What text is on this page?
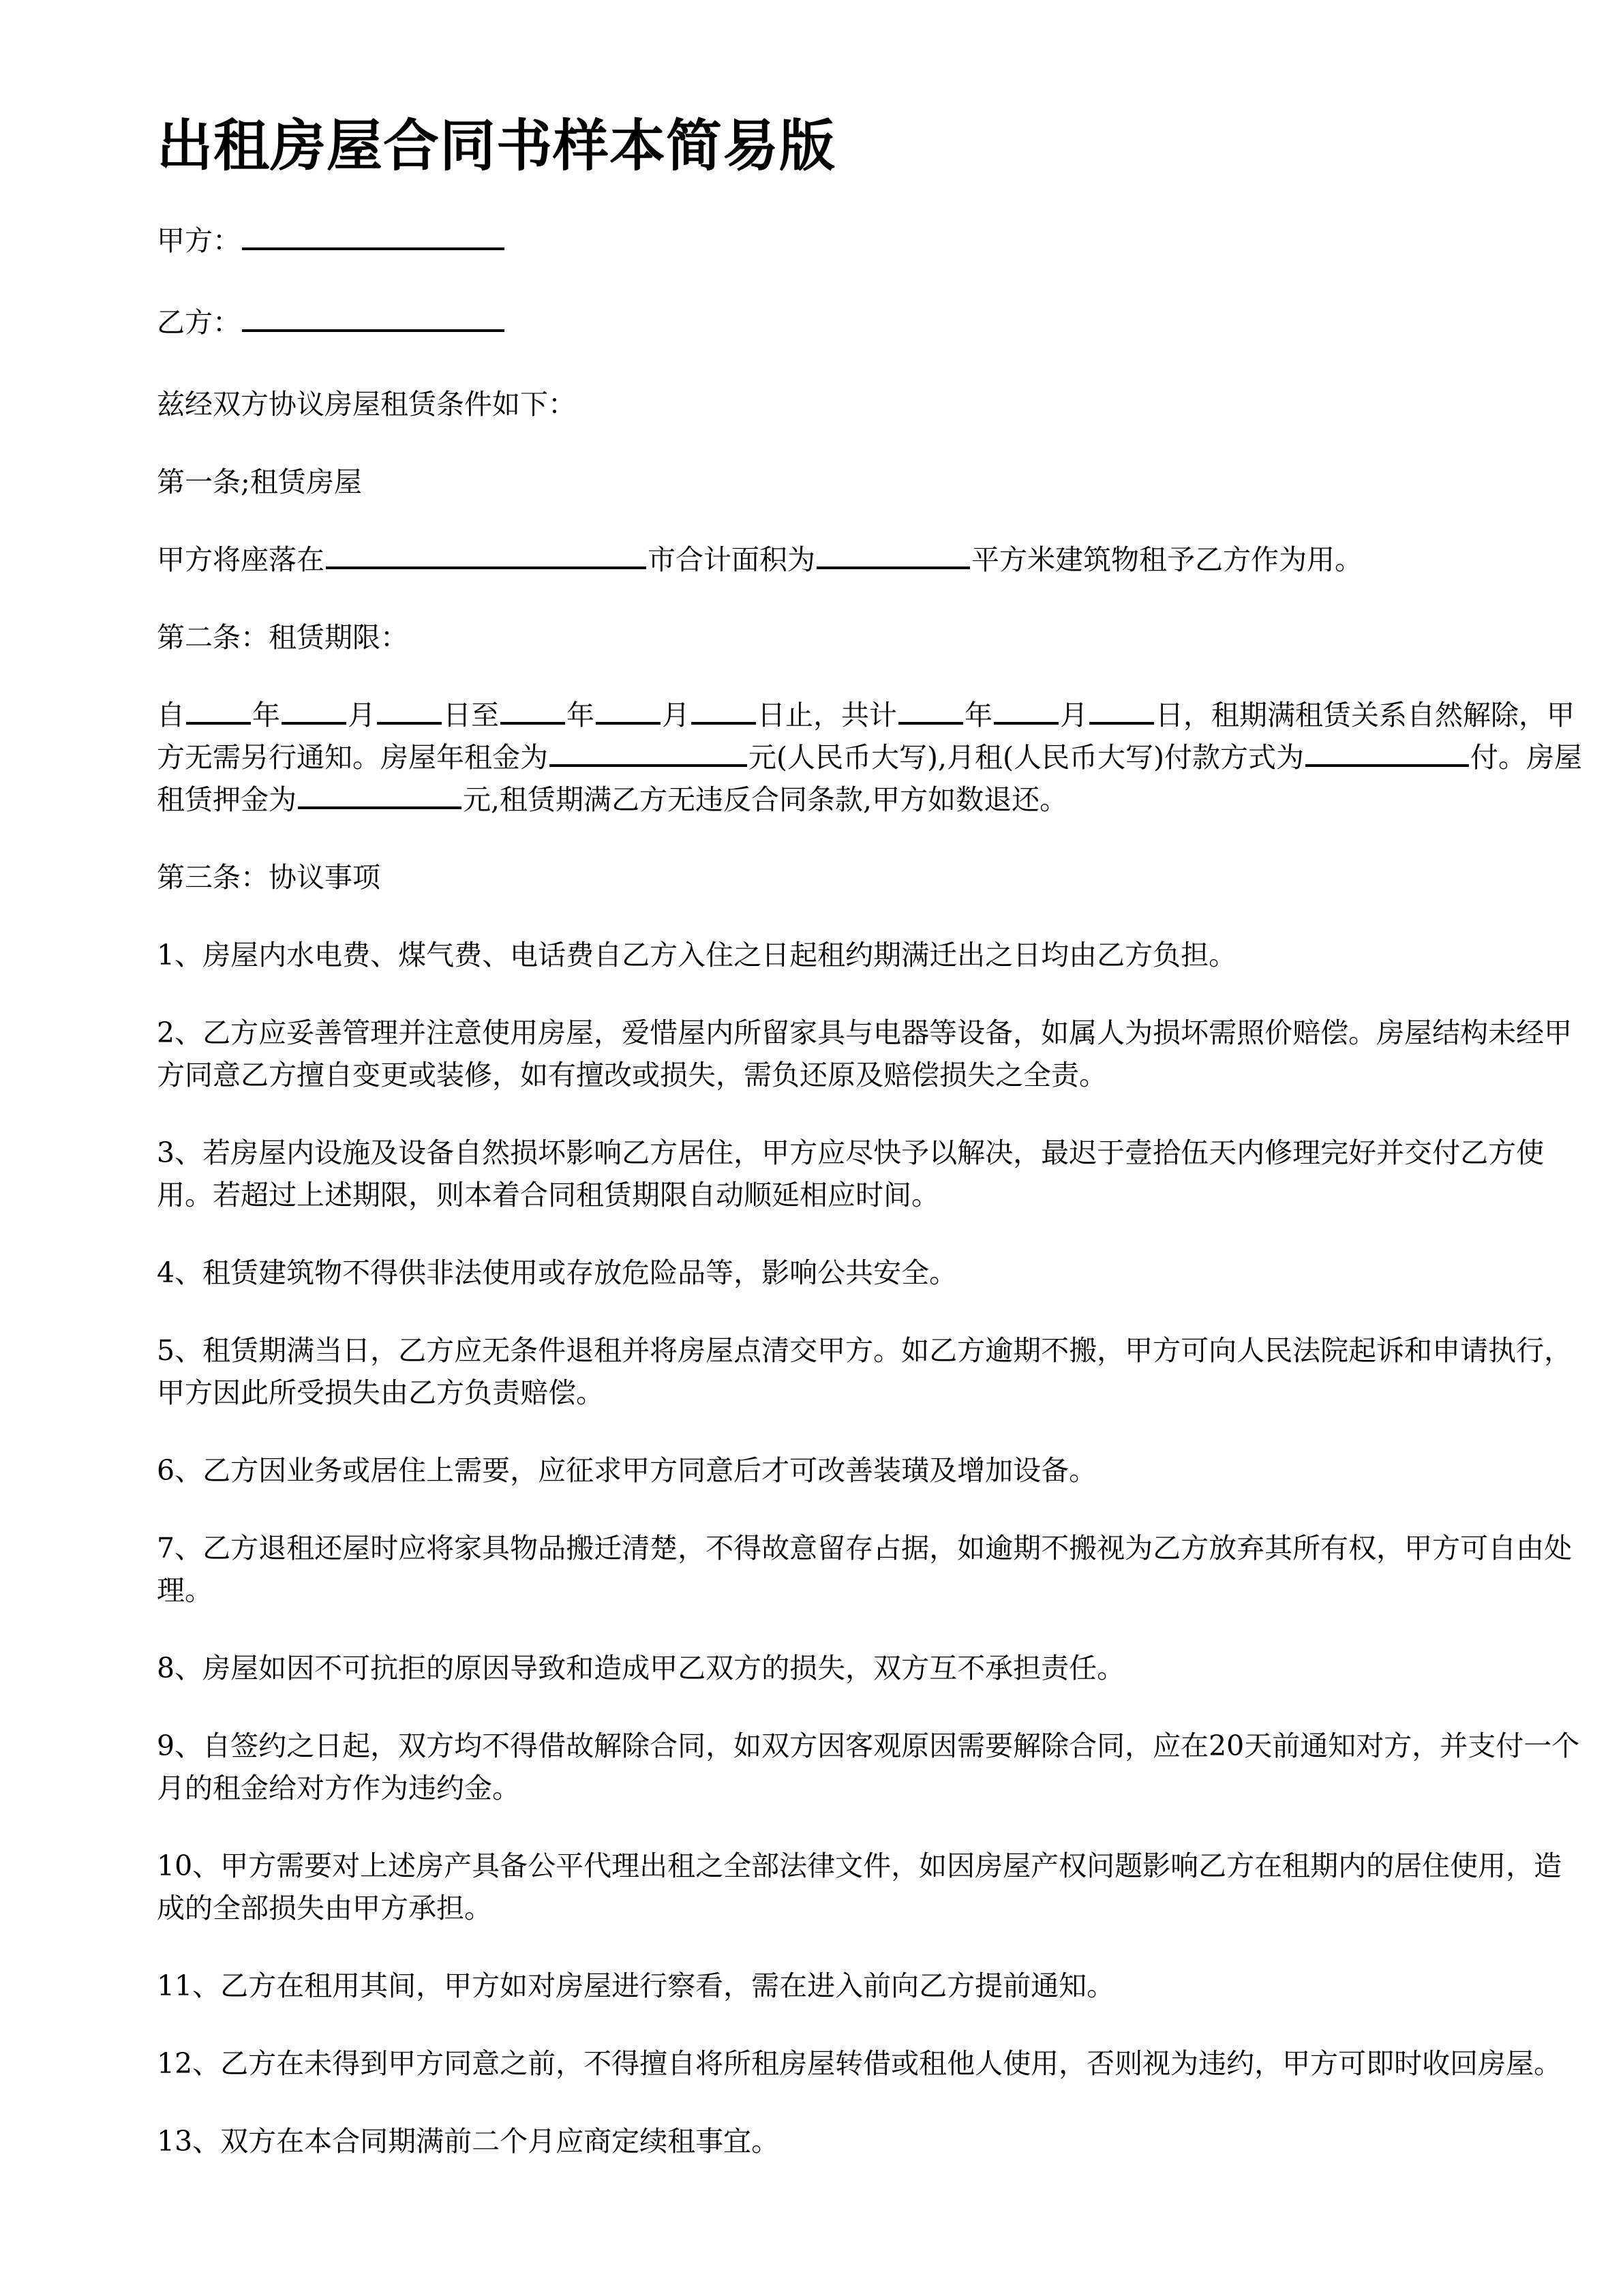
出租房屋合同书样本简易版
甲方：
乙方：
兹经双方协议房屋租赁条件如下：
第一条;租赁房屋
甲方将座落在	市合计面积为	平方米建筑物租予乙方作为用。
第二条：租赁期限：
自 年 月 日至 年 月 日止，共计 年 月 日，租期满租赁关系自然解除，甲方无需另行通知。房屋年租金为	元(人民币大写),月租(人民币大写)付款方式为	付。房屋租赁押金为	元,租赁期满乙方无违反合同条款,甲方如数退还。
第三条：协议事项
1、房屋内水电费、煤气费、电话费自乙方入住之日起租约期满迁出之日均由乙方负担。
2、乙方应妥善管理并注意使用房屋，爱惜屋内所留家具与电器等设备，如属人为损坏需照价赔偿。房屋结构未经甲方同意乙方擅自变更或装修，如有擅改或损失，需负还原及赔偿损失之全责。
3、若房屋内设施及设备自然损坏影响乙方居住，甲方应尽快予以解决，最迟于壹拾伍天内修理完好并交付乙方使用。若超过上述期限，则本着合同租赁期限自动顺延相应时间。
4、租赁建筑物不得供非法使用或存放危险品等，影响公共安全。
5、租赁期满当日，乙方应无条件退租并将房屋点清交甲方。如乙方逾期不搬，甲方可向人民法院起诉和申请执行，甲方因此所受损失由乙方负责赔偿。
6、乙方因业务或居住上需要，应征求甲方同意后才可改善装璜及增加设备。
7、乙方退租还屋时应将家具物品搬迁清楚，不得故意留存占据，如逾期不搬视为乙方放弃其所有权，甲方可自由处理。
8、房屋如因不可抗拒的原因导致和造成甲乙双方的损失，双方互不承担责任。
9、自签约之日起，双方均不得借故解除合同，如双方因客观原因需要解除合同，应在20天前通知对方，并支付一个月的租金给对方作为违约金。
10、甲方需要对上述房产具备公平代理出租之全部法律文件，如因房屋产权问题影响乙方在租期内的居住使用，造成的全部损失由甲方承担。
11、乙方在租用其间，甲方如对房屋进行察看，需在进入前向乙方提前通知。
12、乙方在未得到甲方同意之前，不得擅自将所租房屋转借或租他人使用，否则视为违约，甲方可即时收回房屋。
13、双方在本合同期满前二个月应商定续租事宜。
